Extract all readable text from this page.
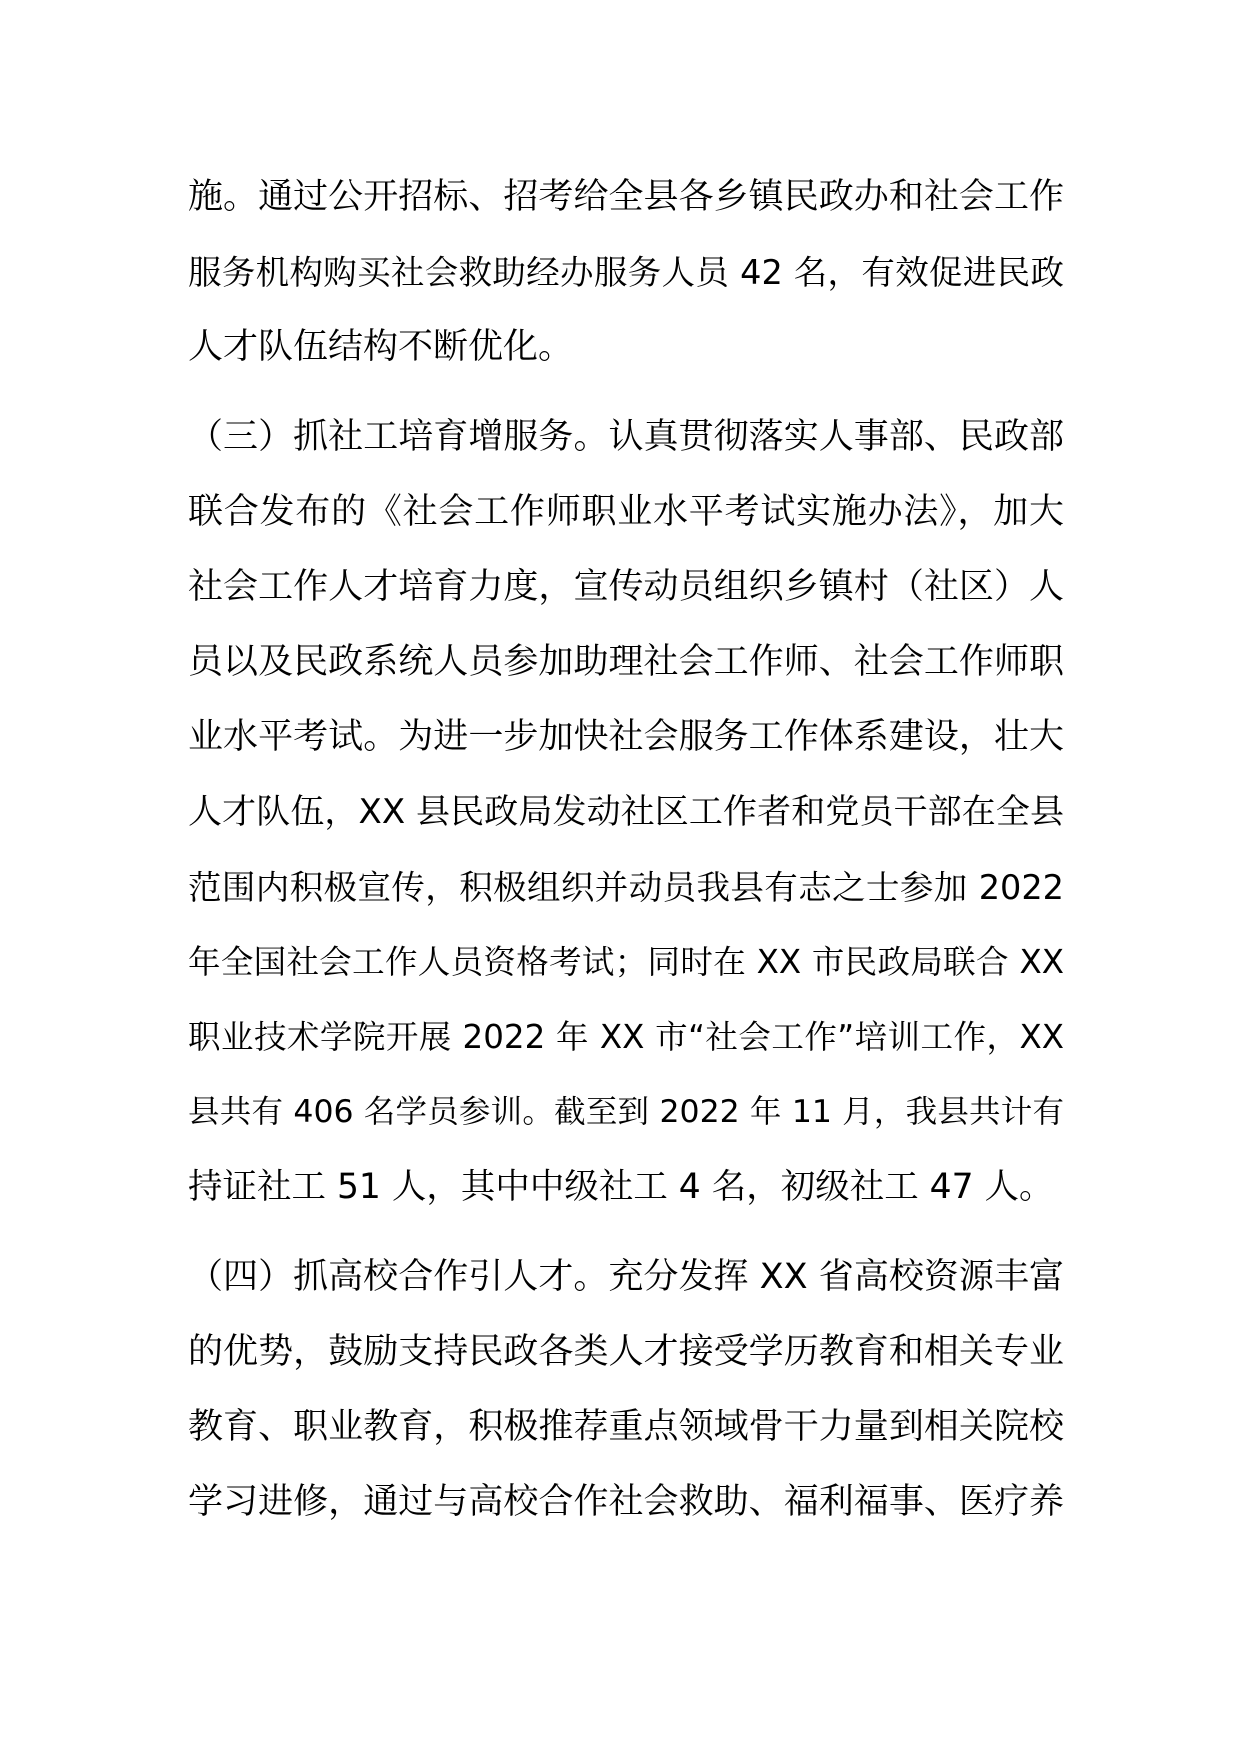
施。通过公开招标、招考给全县各乡镇民政办和社会工作
服务机构购买社会救助经办服务人员 42 名，有效促进民政
人才队伍结构不断优化。
（三）抓社工培育增服务。认真贯彻落实人事部、民政部
联合发布的《社会工作师职业水平考试实施办法》，加大
社会工作人才培育力度，宣传动员组织乡镇村（社区）人
员以及民政系统人员参加助理社会工作师、社会工作师职
业水平考试。为进一步加快社会服务工作体系建设，壮大
人才队伍，XX 县民政局发动社区工作者和党员干部在全县
范围内积极宣传，积极组织并动员我县有志之士参加 2022
年全国社会工作人员资格考试；同时在 XX 市民政局联合 XX
职业技术学院开展 2022 年 XX 市“社会工作”培训工作，XX
县共有 406 名学员参训。截至到 2022 年 11 月，我县共计有
持证社工 51 人，其中中级社工 4 名，初级社工 47 人。
（四）抓高校合作引人才。充分发挥 XX 省高校资源丰富
的优势，鼓励支持民政各类人才接受学历教育和相关专业
教育、职业教育，积极推荐重点领域骨干力量到相关院校
学习进修，通过与高校合作社会救助、福利福事、医疗养
